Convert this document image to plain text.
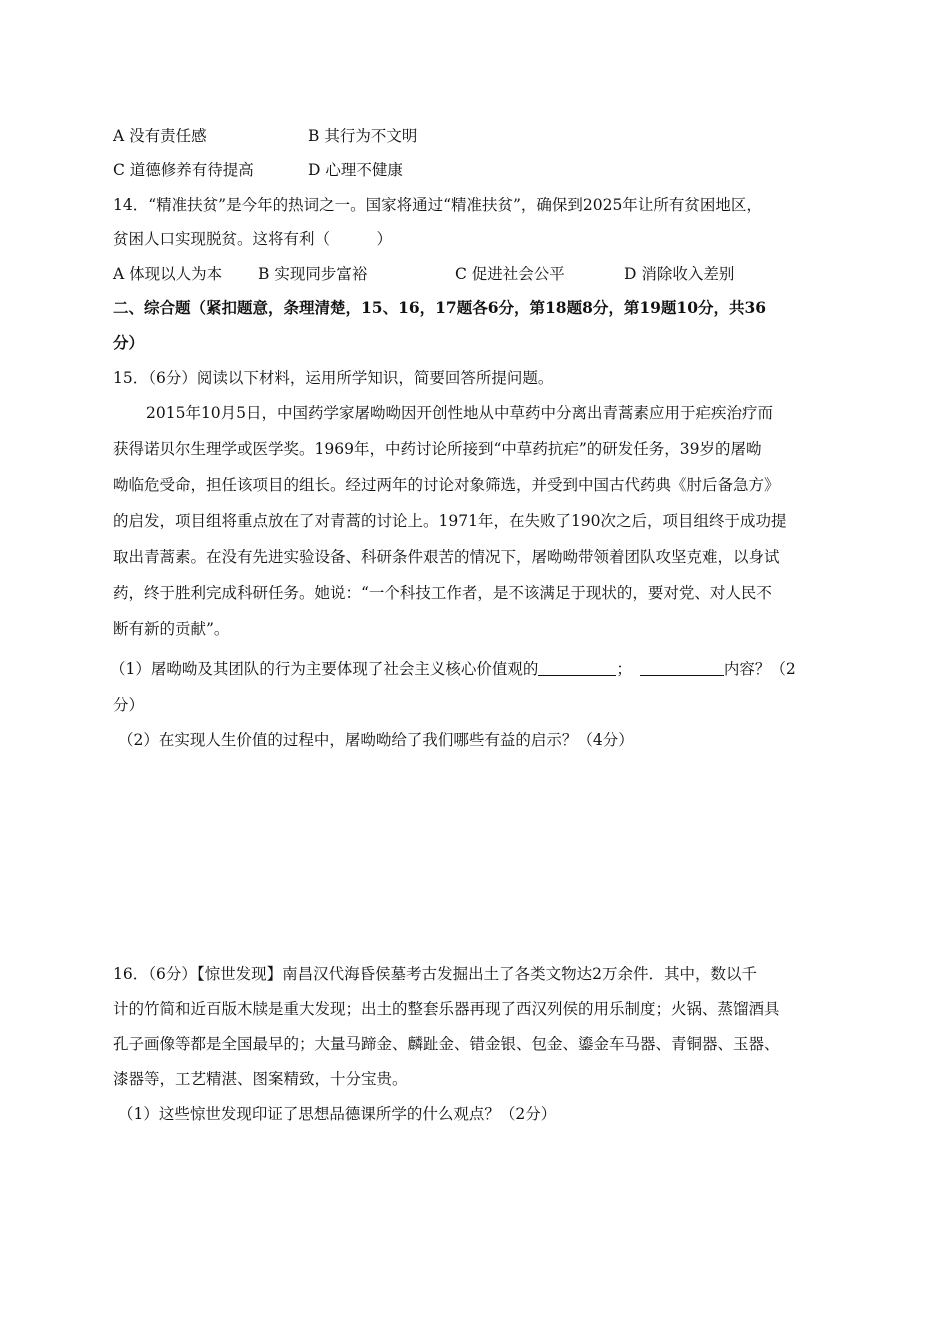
A 没有责任感	B 其行为不文明
C 道德修养有待提高	D 心理不健康
14．“精准扶贫”是今年的热词之一。国家将通过“精准扶贫”，确保到2025年让所有贫困地区，
贫困人口实现脱贫。这将有利（　　　）
A 体现以人为本 B 实现同步富裕	C 促进社会公平	D 消除收入差别
二、综合题（紧扣题意，条理清楚，15、16，17题各6分，第18题8分，第19题10分，共36
分）
15．（6分）阅读以下材料，运用所学知识，简要回答所提问题。
2015年10月5日，中国药学家屠呦呦因开创性地从中草药中分离出青蒿素应用于疟疾治疗而
获得诺贝尔生理学或医学奖。1969年，中药讨论所接到“中草药抗疟”的研发任务，39岁的屠呦
呦临危受命，担任该项目的组长。经过两年的讨论对象筛选，并受到中国古代药典《肘后备急方》
的启发，项目组将重点放在了对青蒿的讨论上。1971年，在失败了190次之后，项目组终于成功提
取出青蒿素。在没有先进实验设备、科研条件艰苦的情况下，屠呦呦带领着团队攻坚克难，以身试
药，终于胜利完成科研任务。她说：“一个科技工作者，是不该满足于现状的，要对党、对人民不
断有新的贡献”。
（1）屠呦呦及其团队的行为主要体现了社会主义核心价值观的	；	内容？（2
分）
（2）在实现人生价值的过程中，屠呦呦给了我们哪些有益的启示？（4分）
16．（6分）【惊世发现】南昌汉代海昏侯墓考古发掘出土了各类文物达2万余件．其中，数以千
计的竹简和近百版木牍是重大发现；出土的整套乐器再现了西汉列侯的用乐制度；火锅、蒸馏酒具
孔子画像等都是全国最早的；大量马蹄金、麟趾金、错金银、包金、鎏金车马器、青铜器、玉器、
漆器等，工艺精湛、图案精致，十分宝贵。
（1）这些惊世发现印证了思想品德课所学的什么观点？（2分）
